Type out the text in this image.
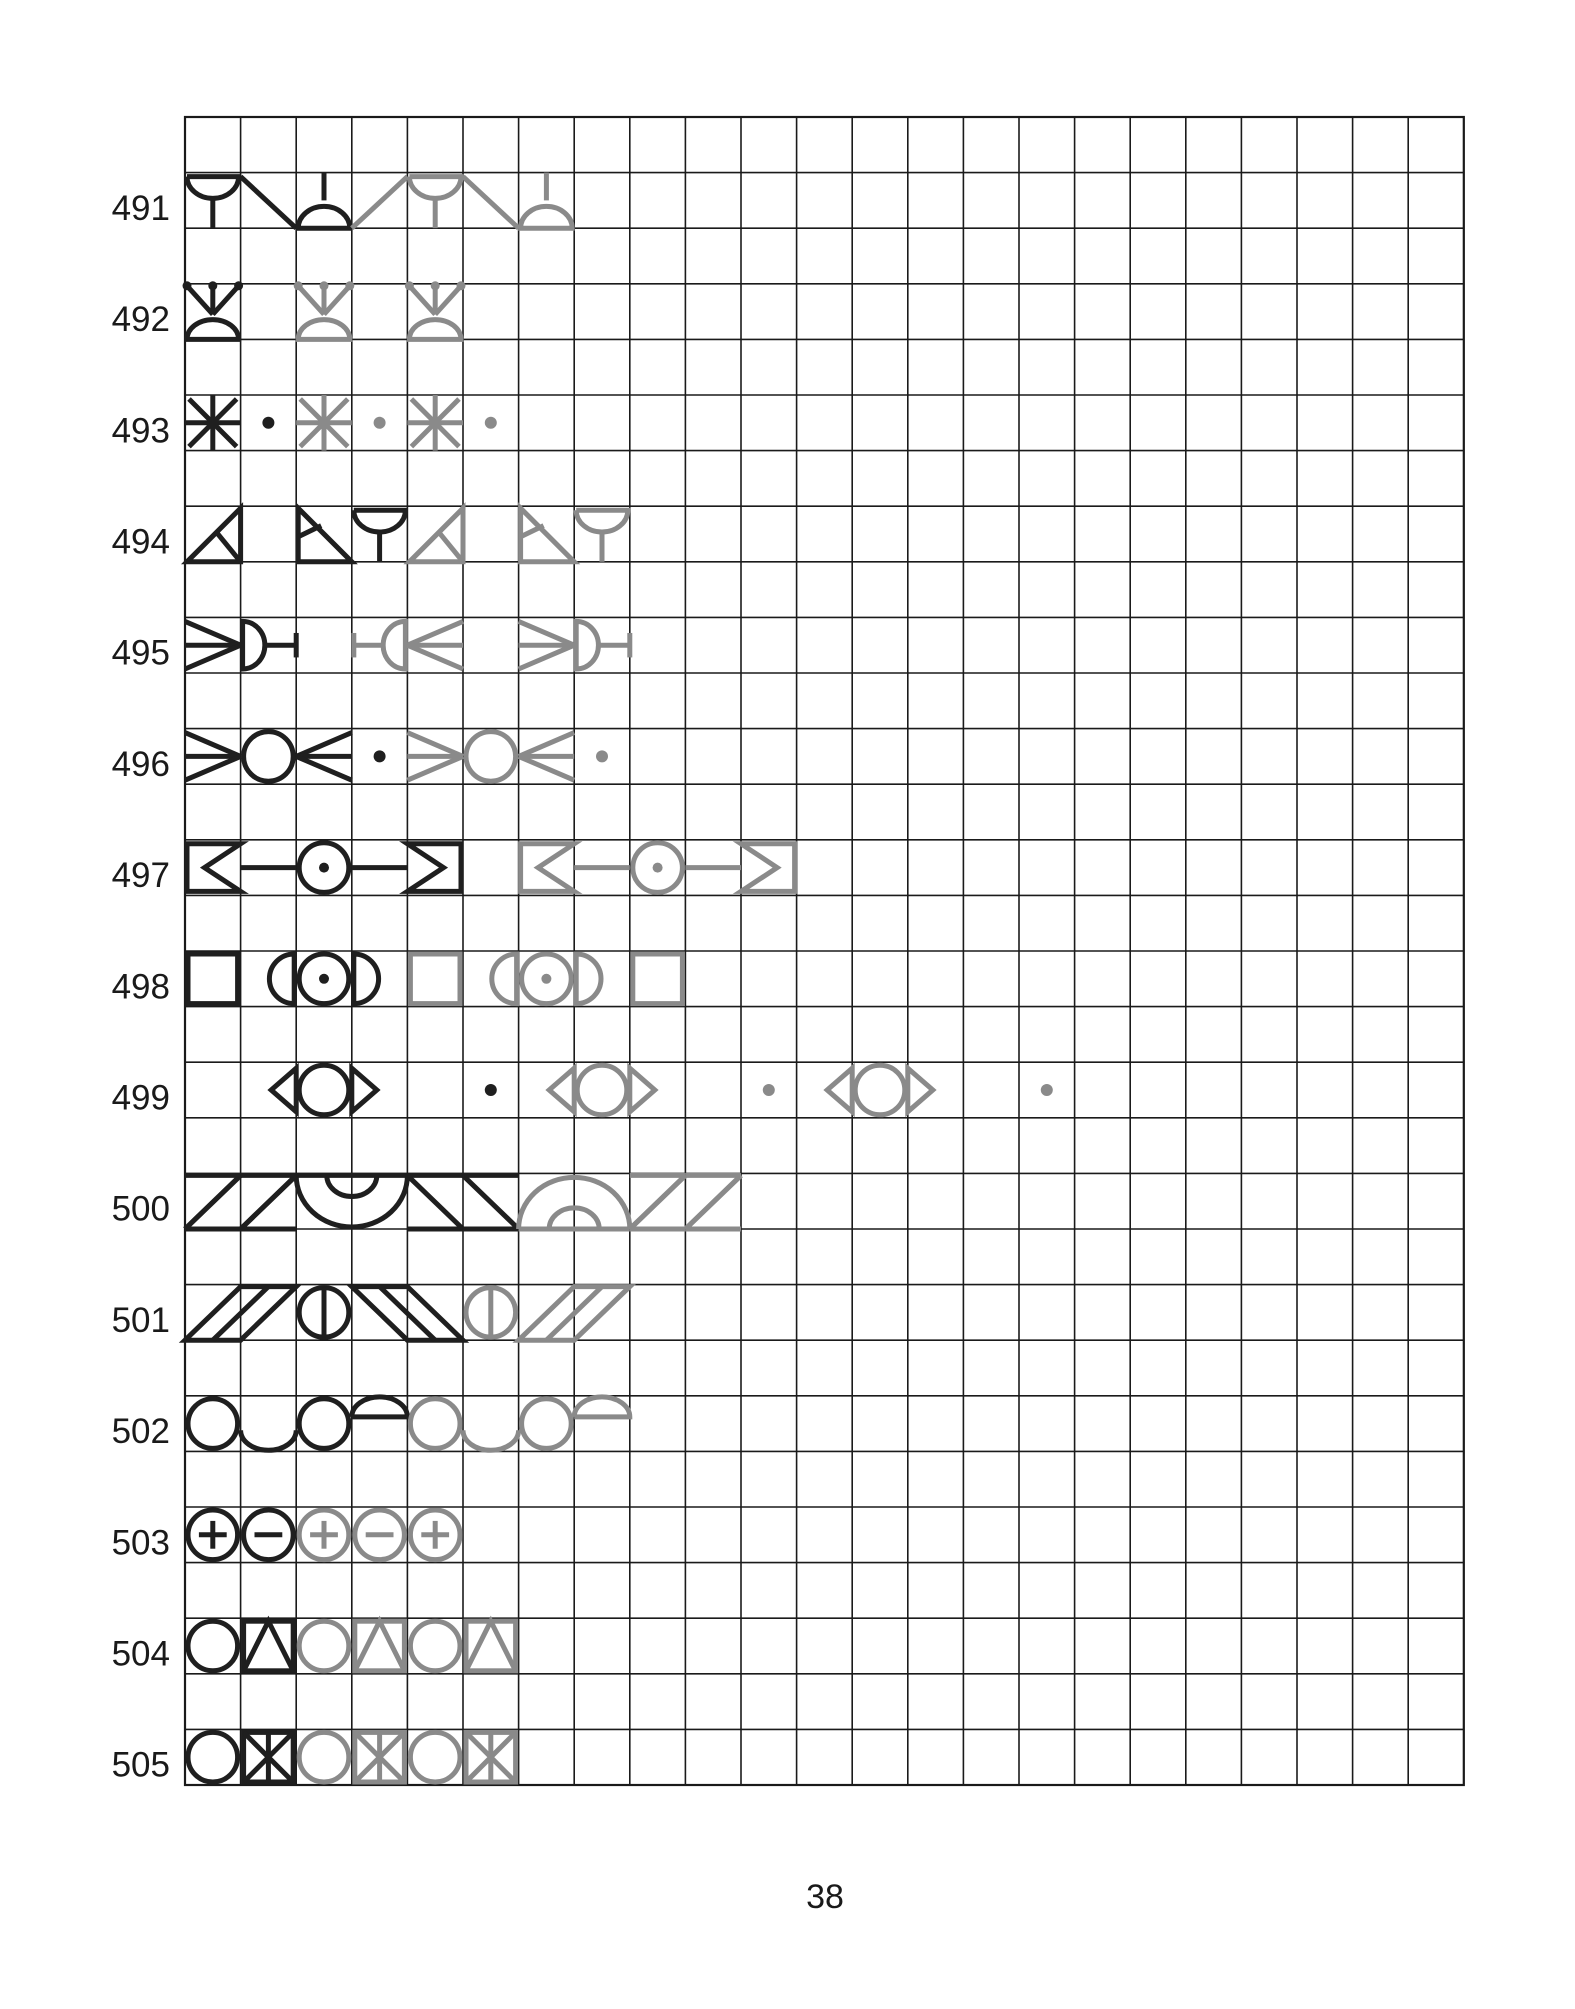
491
492
493
494
495
496
497
498
499
500
501
502
503
504
505
38
